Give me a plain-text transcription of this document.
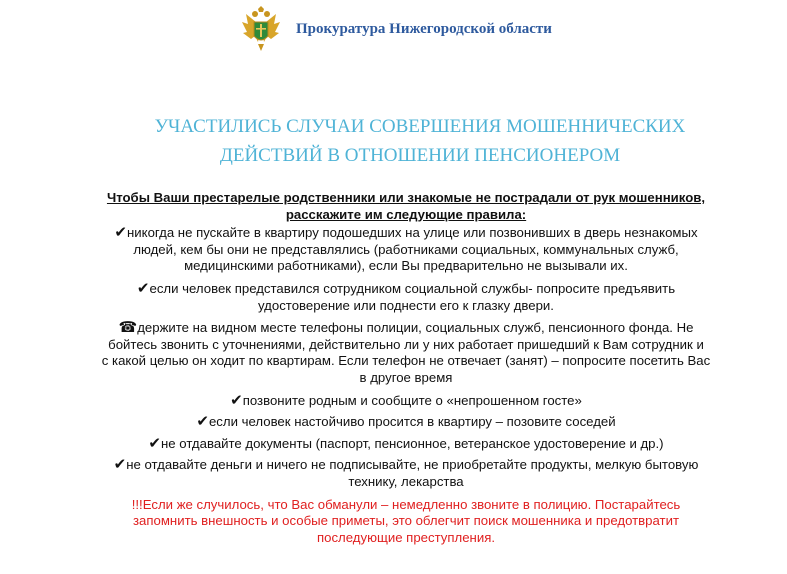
Прокуратура Нижегородской области
УЧАСТИЛИСЬ СЛУЧАИ СОВЕРШЕНИЯ МОШЕННИЧЕСКИХ
ДЕЙСТВИЙ В ОТНОШЕНИИ ПЕНСИОНЕРОМ
Чтобы Ваши престарелые родственники или знакомые не пострадали от рук мошенников,
расскажите им следующие правила:
✔никогда не пускайте в квартиру подошедших на улице или позвонивших в дверь незнакомых
людей, кем бы они не представлялись (работниками социальных, коммунальных служб,
медицинскими работниками), если Вы предварительно не вызывали их.
✔если человек представился сотрудником социальной службы- попросите предъявить
удостоверение или поднести его к глазку двери.
☎держите на видном месте телефоны полиции, социальных служб, пенсионного фонда. Не
бойтесь звонить с уточнениями, действительно ли у них работает пришедший к Вам сотрудник и
с какой целью он ходит по квартирам. Если телефон не отвечает (занят) – попросите посетить Вас
в другое время
✔позвоните родным и сообщите о «непрошенном госте»
✔если человек настойчиво просится в квартиру – позовите соседей
✔не отдавайте документы (паспорт, пенсионное, ветеранское удостоверение и др.)
✔не отдавайте деньги и ничего не подписывайте, не приобретайте продукты, мелкую бытовую
технику, лекарства
!!!Если же случилось, что Вас обманули – немедленно звоните в полицию. Постарайтесь
запомнить внешность и особые приметы, это облегчит поиск мошенника и предотвратит
последующие преступления.
